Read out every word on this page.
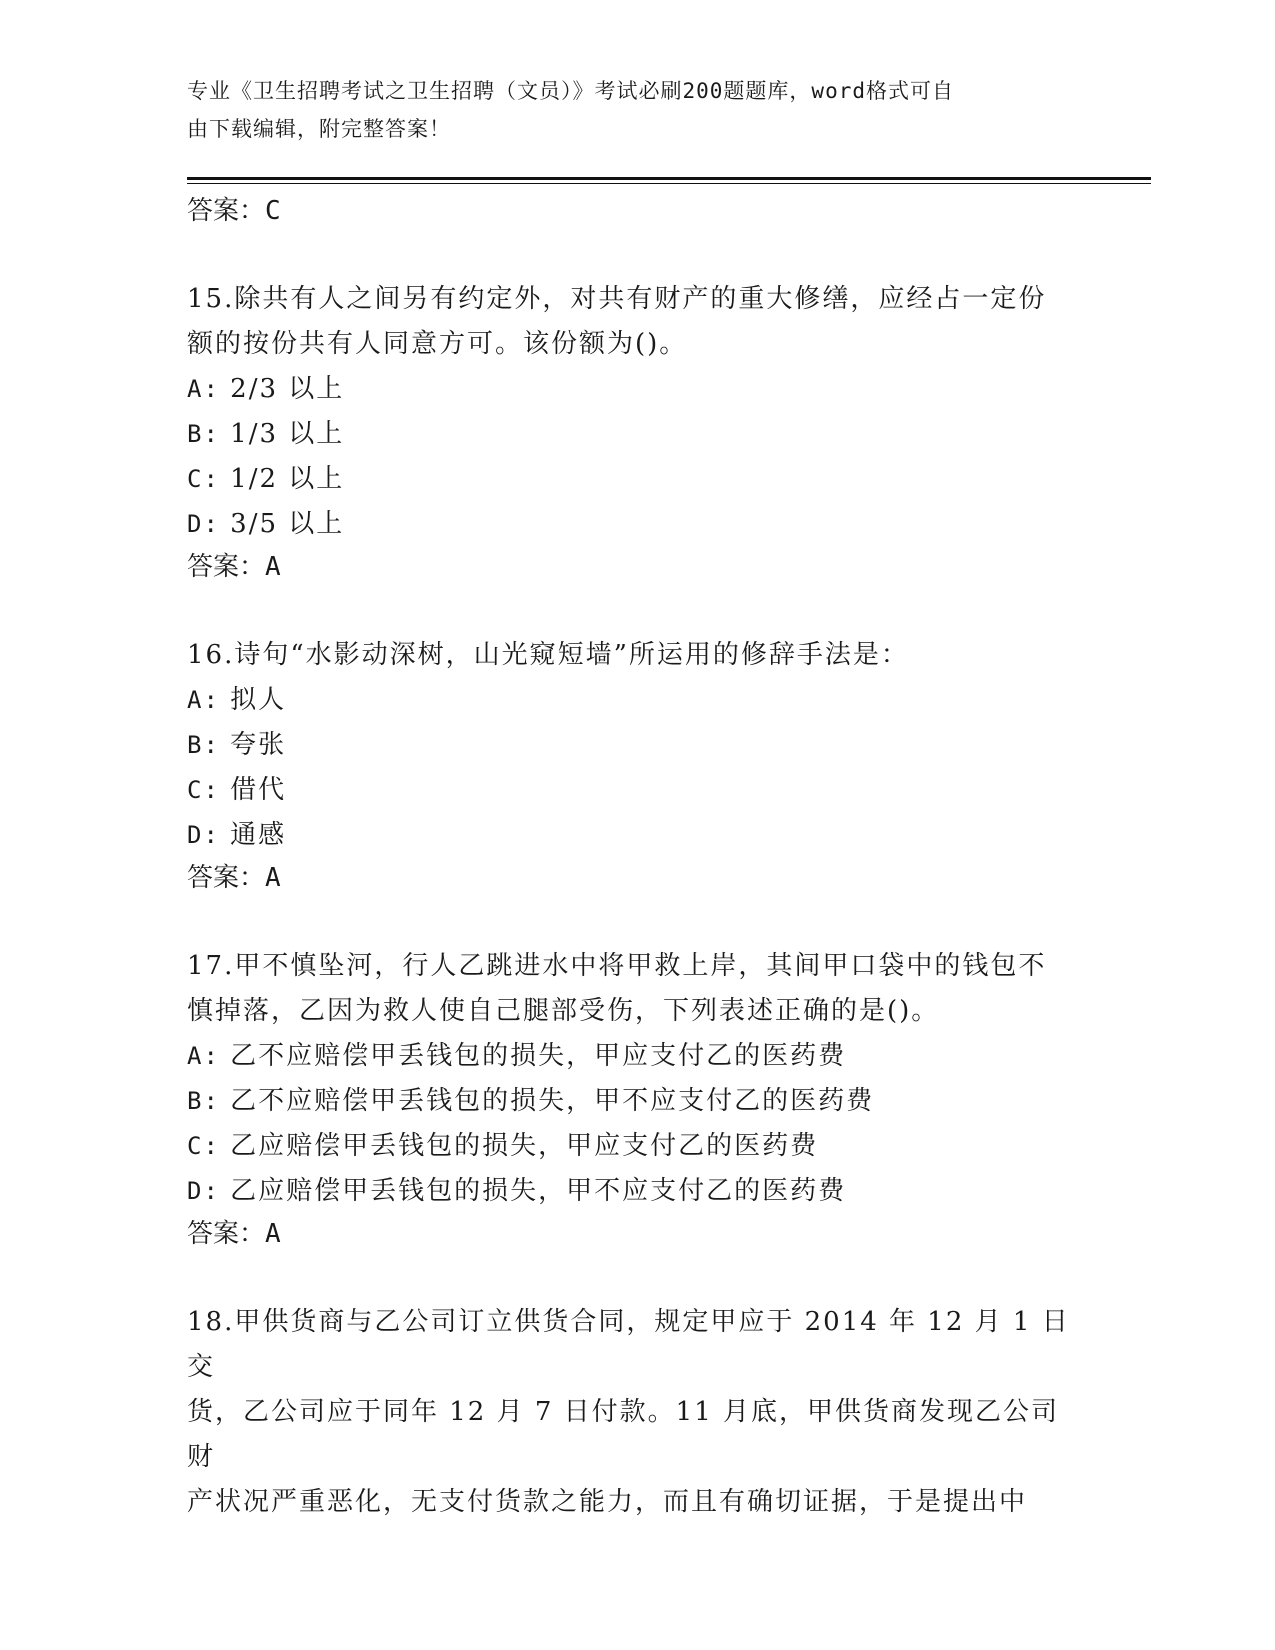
专业《卫生招聘考试之卫生招聘（文员）》考试必刷200题题库，word格式可自
由下载编辑，附完整答案！
答案：C

15.除共有人之间另有约定外，对共有财产的重大修缮，应经占一定份

额的按份共有人同意方可。该份额为()。

A: 2/3 以上
B: 1/3 以上
C: 1/2 以上
D: 3/5 以上
答案：A

16.诗句“水影动深树，山光窥短墙”所运用的修辞手法是：

A: 拟人
B: 夸张
C: 借代
D: 通感
答案：A

17.甲不慎坠河，行人乙跳进水中将甲救上岸，其间甲口袋中的钱包不

慎掉落，乙因为救人使自己腿部受伤，下列表述正确的是()。

A: 乙不应赔偿甲丢钱包的损失，甲应支付乙的医药费
B: 乙不应赔偿甲丢钱包的损失，甲不应支付乙的医药费
C: 乙应赔偿甲丢钱包的损失，甲应支付乙的医药费
D: 乙应赔偿甲丢钱包的损失，甲不应支付乙的医药费
答案：A

18.甲供货商与乙公司订立供货合同，规定甲应于 2014 年 12 月 1 日交

货，乙公司应于同年 12 月 7 日付款。11 月底，甲供货商发现乙公司财

产状况严重恶化，无支付货款之能力，而且有确切证据，于是提出中
